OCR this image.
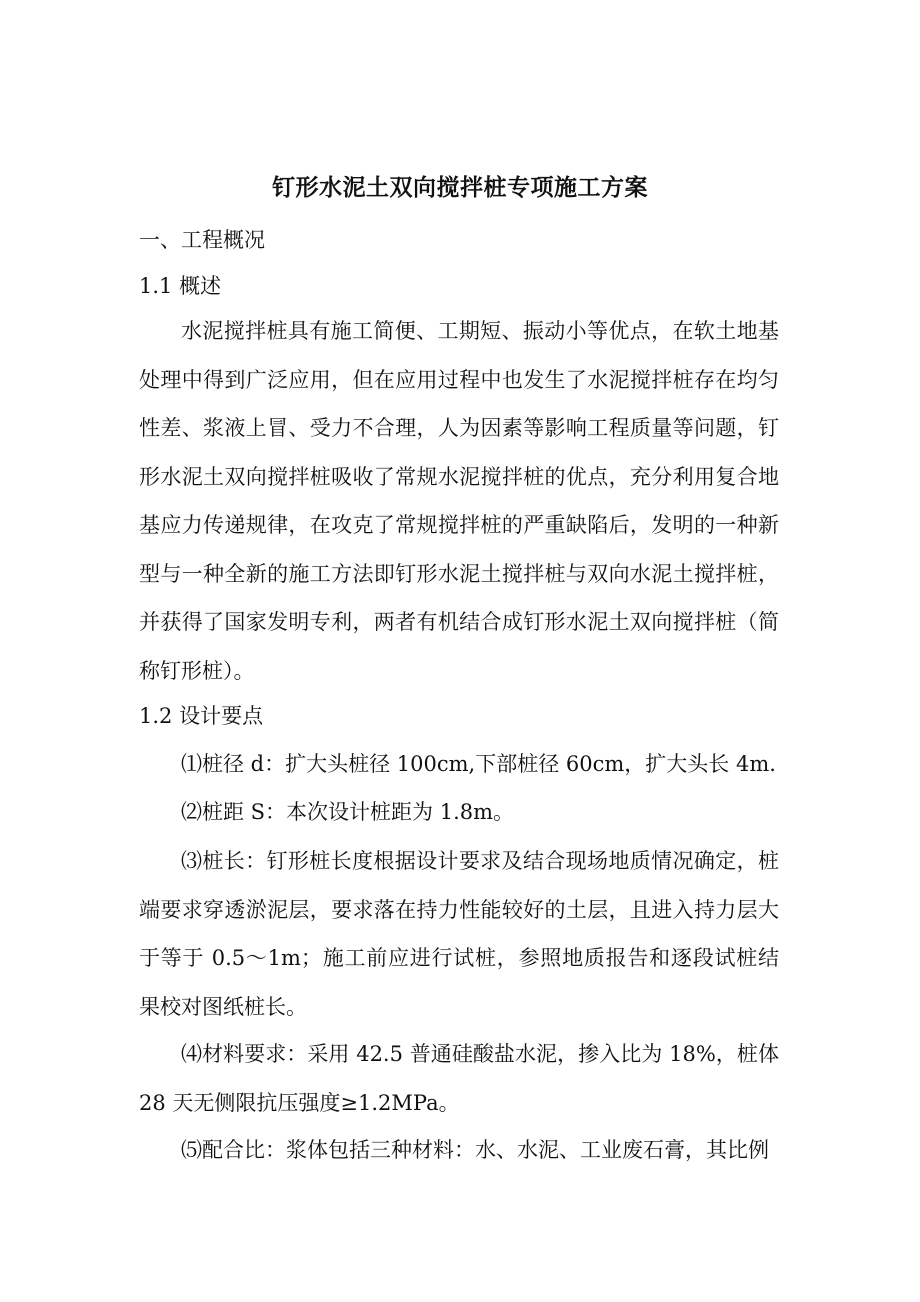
钉形水泥土双向搅拌桩专项施工方案
一、工程概况
1.1 概述

水泥搅拌桩具有施工简便、工期短、振动小等优点，在软土地基处理中得到广泛应用，但在应用过程中也发生了水泥搅拌桩存在均匀性差、浆液上冒、受力不合理，人为因素等影响工程质量等问题，钉形水泥土双向搅拌桩吸收了常规水泥搅拌桩的优点，充分利用复合地基应力传递规律，在攻克了常规搅拌桩的严重缺陷后，发明的一种新型与一种全新的施工方法即钉形水泥土搅拌桩与双向水泥土搅拌桩，并获得了国家发明专利，两者有机结合成钉形水泥土双向搅拌桩（简称钉形桩）。

1.2 设计要点

⑴桩径 d：扩大头桩径 100cm,下部桩径 60cm，扩大头长 4m.

⑵桩距 S：本次设计桩距为 1.8m。

⑶桩长：钉形桩长度根据设计要求及结合现场地质情况确定，桩端要求穿透淤泥层，要求落在持力性能较好的土层，且进入持力层大于等于 0.5～1m；施工前应进行试桩，参照地质报告和逐段试桩结果校对图纸桩长。

⑷材料要求：采用 42.5 普通硅酸盐水泥，掺入比为 18%，桩体 28 天无侧限抗压强度≥1.2MPa。

⑸配合比：浆体包括三种材料：水、水泥、工业废石膏，其比例
